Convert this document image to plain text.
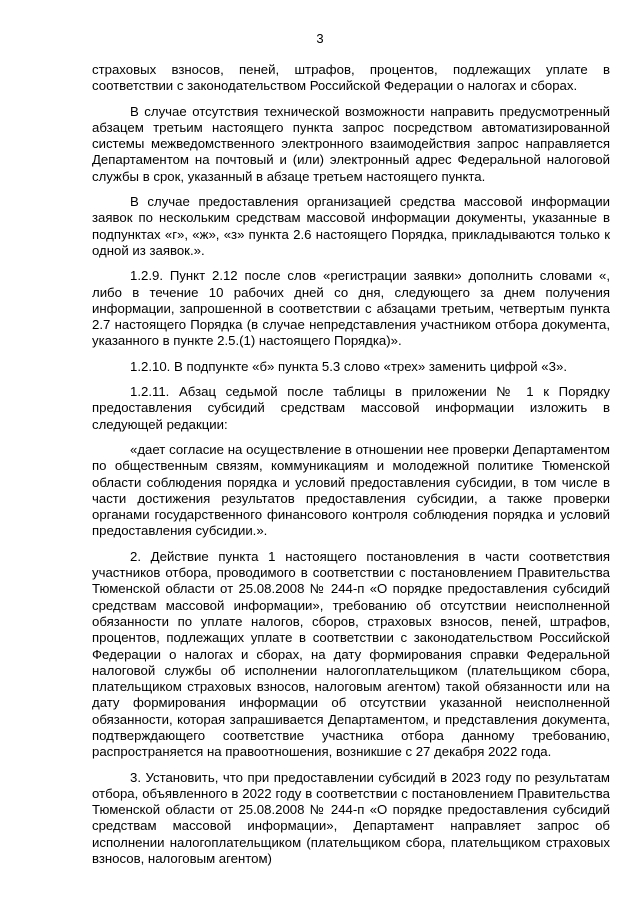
3

страховых взносов, пеней, штрафов, процентов, подлежащих уплате в соответствии с законодательством Российской Федерации о налогах и сборах.

В случае отсутствия технической возможности направить предусмотренный абзацем третьим настоящего пункта запрос посредством автоматизированной системы межведомственного электронного взаимодействия запрос направляется Департаментом на почтовый и (или) электронный адрес Федеральной налоговой службы в срок, указанный в абзаце третьем настоящего пункта.

В случае предоставления организацией средства массовой информации заявок по нескольким средствам массовой информации документы, указанные в подпунктах «г», «ж», «з» пункта 2.6 настоящего Порядка, прикладываются только к одной из заявок.».

1.2.9. Пункт 2.12 после слов «регистрации заявки» дополнить словами «, либо в течение 10 рабочих дней со дня, следующего за днем получения информации, запрошенной в соответствии с абзацами третьим, четвертым пункта 2.7 настоящего Порядка (в случае непредставления участником отбора документа, указанного в пункте 2.5.(1) настоящего Порядка)».

1.2.10. В подпункте «б» пункта 5.3 слово «трех» заменить цифрой «3».

1.2.11. Абзац седьмой после таблицы в приложении № 1 к Порядку предоставления субсидий средствам массовой информации изложить в следующей редакции:

«дает согласие на осуществление в отношении нее проверки Департаментом по общественным связям, коммуникациям и молодежной политике Тюменской области соблюдения порядка и условий предоставления субсидии, в том числе в части достижения результатов предоставления субсидии, а также проверки органами государственного финансового контроля соблюдения порядка и условий предоставления субсидии.».

2. Действие пункта 1 настоящего постановления в части соответствия участников отбора, проводимого в соответствии с постановлением Правительства Тюменской области от 25.08.2008 № 244-п «О порядке предоставления субсидий средствам массовой информации», требованию об отсутствии неисполненной обязанности по уплате налогов, сборов, страховых взносов, пеней, штрафов, процентов, подлежащих уплате в соответствии с законодательством Российской Федерации о налогах и сборах, на дату формирования справки Федеральной налоговой службы об исполнении налогоплательщиком (плательщиком сбора, плательщиком страховых взносов, налоговым агентом) такой обязанности или на дату формирования информации об отсутствии указанной неисполненной обязанности, которая запрашивается Департаментом, и представления документа, подтверждающего соответствие участника отбора данному требованию, распространяется на правоотношения, возникшие с 27 декабря 2022 года.

3. Установить, что при предоставлении субсидий в 2023 году по результатам отбора, объявленного в 2022 году в соответствии с постановлением Правительства Тюменской области от 25.08.2008 № 244-п «О порядке предоставления субсидий средствам массовой информации», Департамент направляет запрос об исполнении налогоплательщиком (плательщиком сбора, плательщиком страховых взносов, налоговым агентом)
